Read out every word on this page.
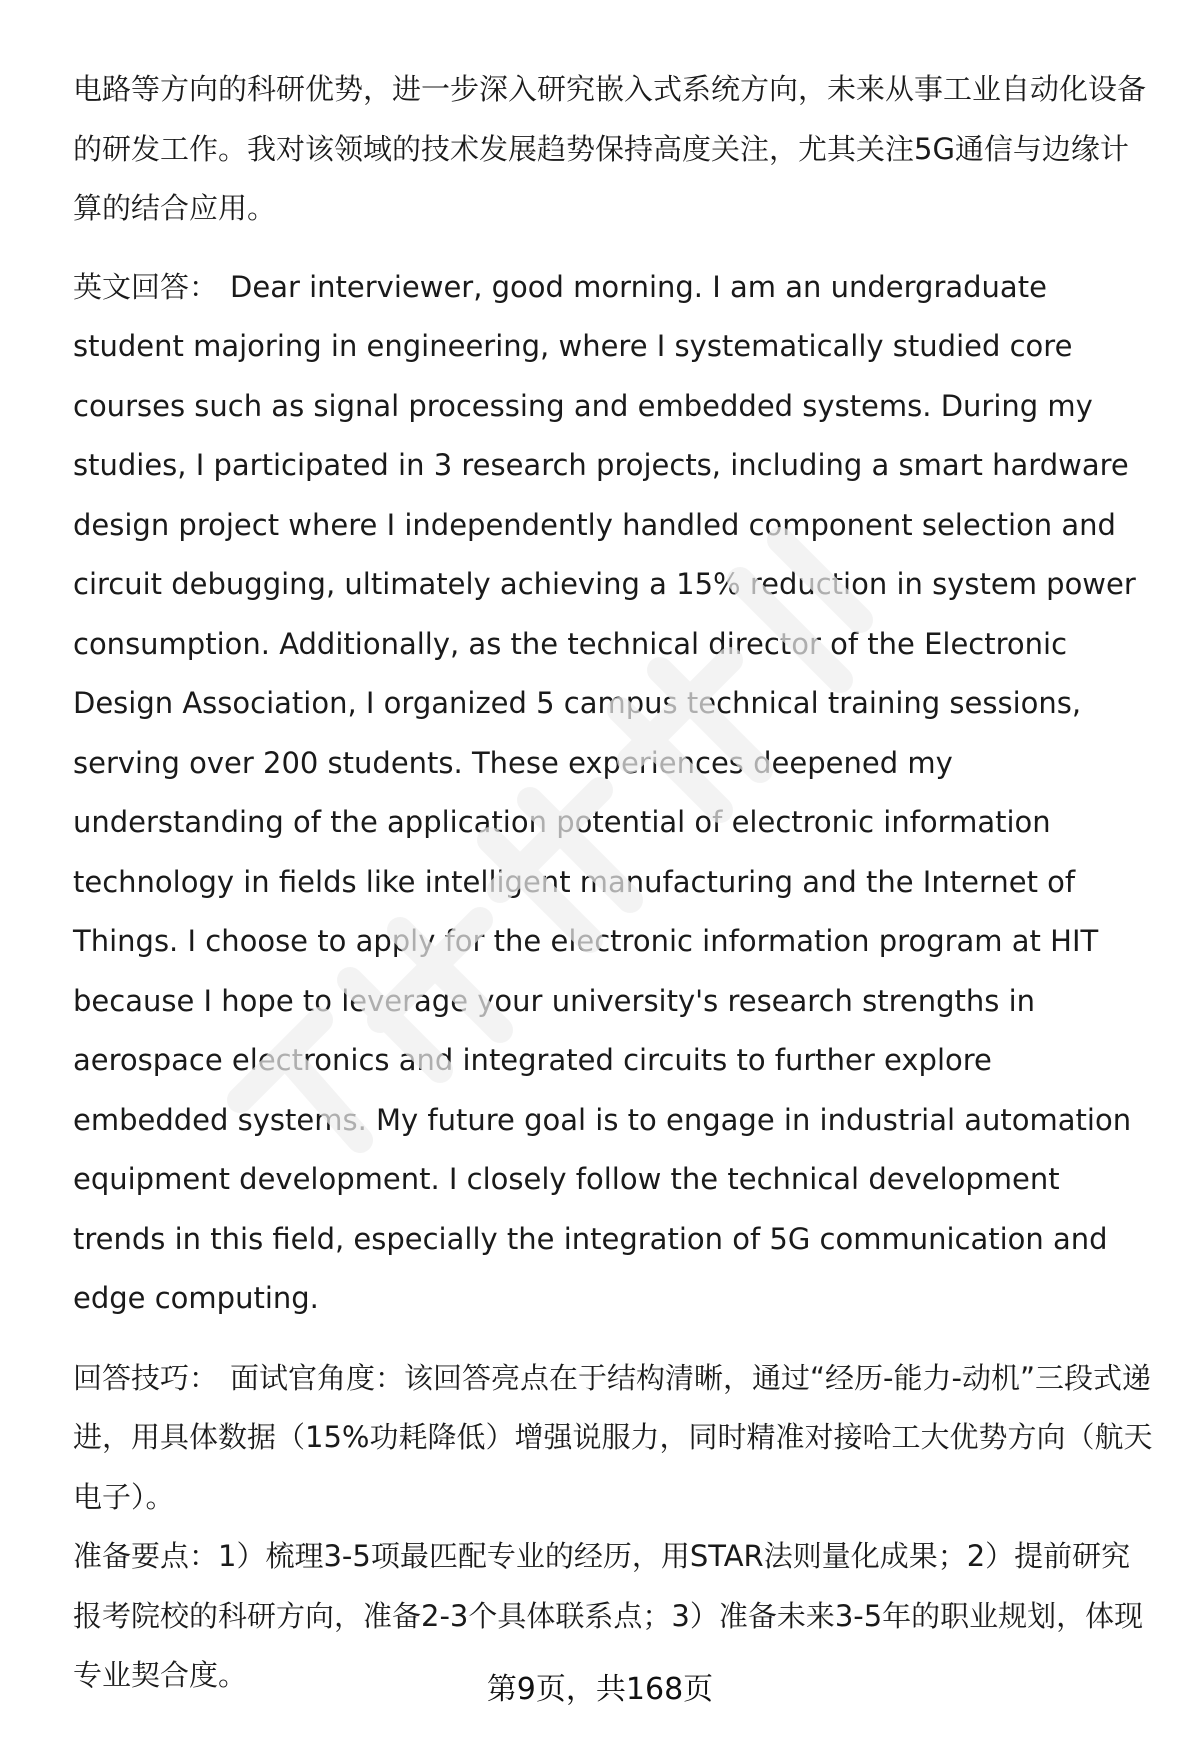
电路等方向的科研优势，进一步深入研究嵌入式系统方向，未来从事工业自动化设备的研发工作。我对该领域的技术发展趋势保持高度关注，尤其关注5G通信与边缘计算的结合应用。

英文回答： Dear interviewer, good morning. I am an undergraduate student majoring in engineering, where I systematically studied core courses such as signal processing and embedded systems. During my studies, I participated in 3 research projects, including a smart hardware design project where I independently handled component selection and circuit debugging, ultimately achieving a 15% reduction in system power consumption. Additionally, as the technical director of the Electronic Design Association, I organized 5 campus technical training sessions, serving over 200 students. These experiences deepened my understanding of the application potential of electronic information technology in fields like intelligent manufacturing and the Internet of Things. I choose to apply for the electronic information program at HIT because I hope to leverage your university's research strengths in aerospace electronics and integrated circuits to further explore embedded systems. My future goal is to engage in industrial automation equipment development. I closely follow the technical development trends in this field, especially the integration of 5G communication and edge computing.

回答技巧： 面试官角度：该回答亮点在于结构清晰，通过“经历-能力-动机”三段式递进，用具体数据（15%功耗降低）增强说服力，同时精准对接哈工大优势方向（航天电子）。

准备要点：1）梳理3-5项最匹配专业的经历，用STAR法则量化成果；2）提前研究报考院校的科研方向，准备2-3个具体联系点；3）准备未来3-5年的职业规划，体现专业契合度。	第9页，共168页
